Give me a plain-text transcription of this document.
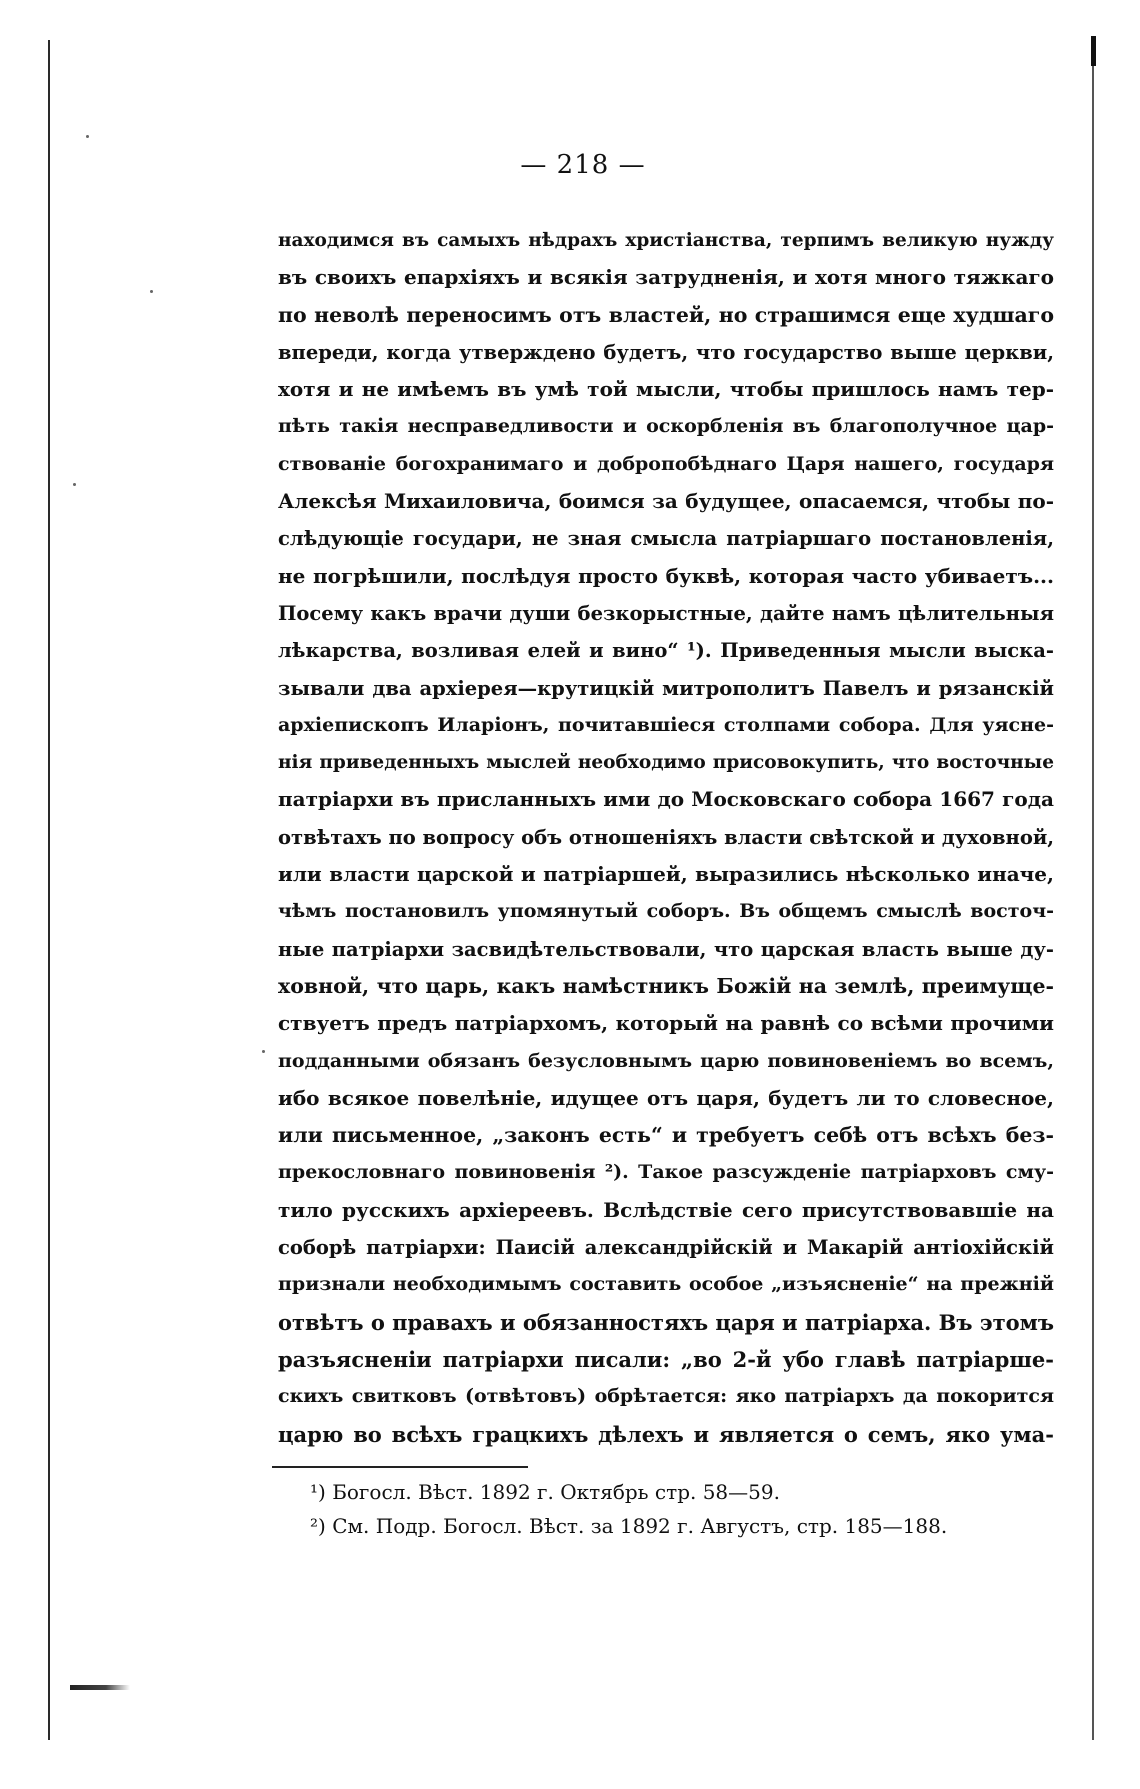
— 218 —
находимся въ самыхъ нѣдрахъ христіанства, терпимъ великую нужду
въ своихъ епархіяхъ и всякія затрудненія, и хотя много тяжкаго
по неволѣ переносимъ отъ властей, но страшимся еще худшаго
впереди, когда утверждено будетъ, что государство выше церкви,
хотя и не имѣемъ въ умѣ той мысли, чтобы пришлось намъ тер-
пѣть такія несправедливости и оскорбленія въ благополучное цар-
ствованіе богохранимаго и добропобѣднаго Царя нашего, государя
Алексѣя Михаиловича, боимся за будущее, опасаемся, чтобы по-
слѣдующіе государи, не зная смысла патріаршаго постановленія,
не погрѣшили, послѣдуя просто буквѣ, которая часто убиваетъ...
Посему какъ врачи души безкорыстные, дайте намъ цѣлительныя
лѣкарства, возливая елей и вино“ ¹). Приведенныя мысли выска-
зывали два архіерея—крутицкій митрополитъ Павелъ и рязанскій
архіепископъ Иларіонъ, почитавшіеся столпами собора. Для уясне-
нія приведенныхъ мыслей необходимо присовокупить, что восточные
патріархи въ присланныхъ ими до Московскаго собора 1667 года
отвѣтахъ по вопросу объ отношеніяхъ власти свѣтской и духовной,
или власти царской и патріаршей, выразились нѣсколько иначе,
чѣмъ постановилъ упомянутый соборъ. Въ общемъ смыслѣ восточ-
ные патріархи засвидѣтельствовали, что царская власть выше ду-
ховной, что царь, какъ намѣстникъ Божій на землѣ, преимуще-
ствуетъ предъ патріархомъ, который на равнѣ со всѣми прочими
подданными обязанъ безусловнымъ царю повиновеніемъ во всемъ,
ибо всякое повелѣніе, идущее отъ царя, будетъ ли то словесное,
или письменное, „законъ есть“ и требуетъ себѣ отъ всѣхъ без-
прекословнаго повиновенія ²). Такое разсужденіе патріарховъ сму-
тило русскихъ архіереевъ. Вслѣдствіе сего присутствовавшіе на
соборѣ патріархи: Паисій александрійскій и Макарій антіохійскій
признали необходимымъ составить особое „изъясненіе“ на прежній
отвѣтъ о правахъ и обязанностяхъ царя и патріарха. Въ этомъ
разъясненіи патріархи писали: „во 2-й убо главѣ патріарше-
скихъ свитковъ (отвѣтовъ) обрѣтается: яко патріархъ да покорится
царю во всѣхъ грацкихъ дѣлехъ и является о семъ, яко ума-
¹) Богосл. Вѣст. 1892 г. Октябрь стр. 58—59.
²) См. Подр. Богосл. Вѣст. за 1892 г. Августъ, стр. 185—188.
